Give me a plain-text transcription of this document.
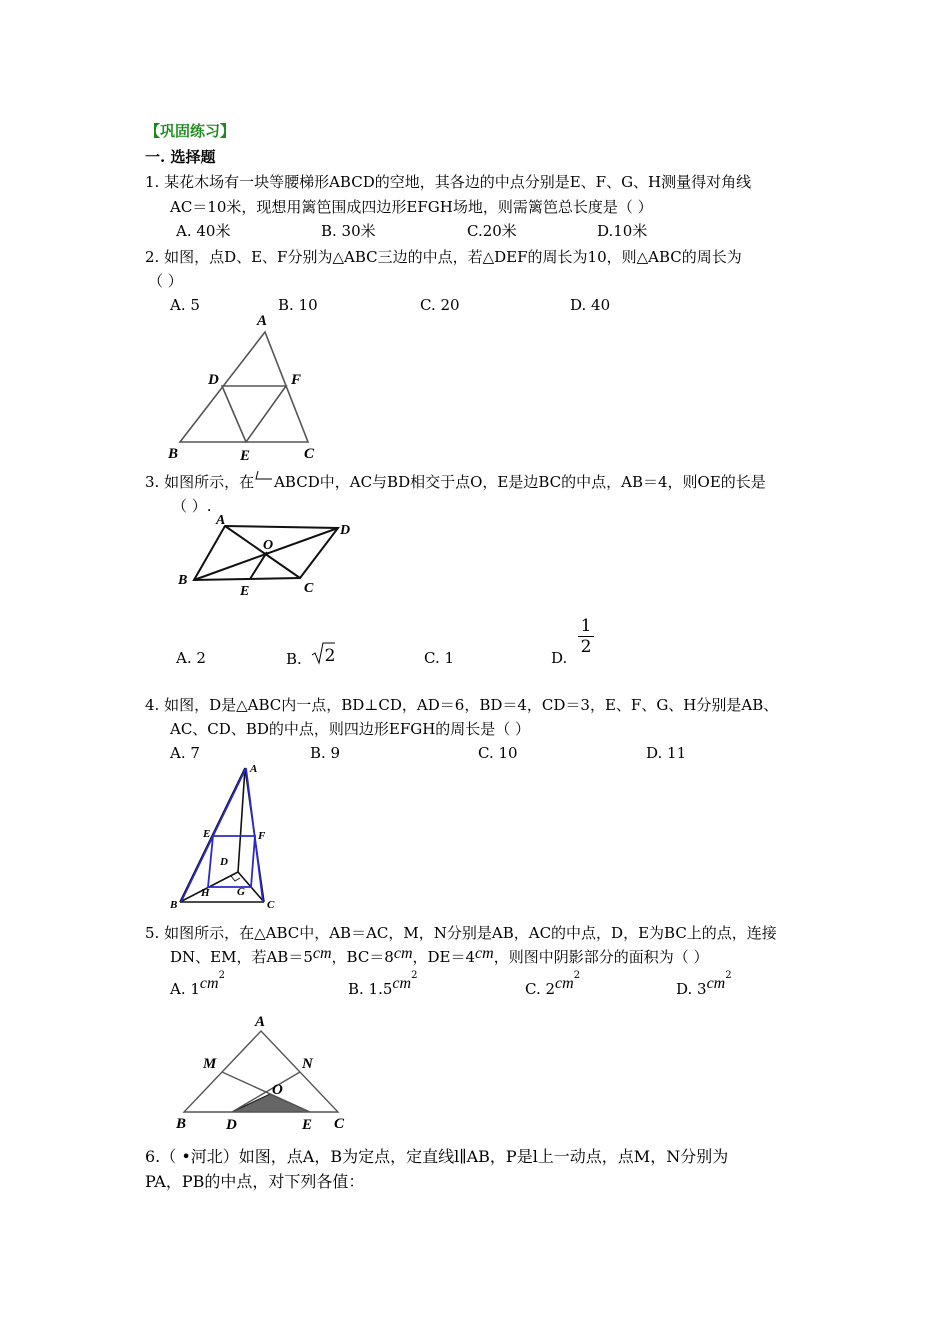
【巩固练习】
一. 选择题
1. 某花木场有一块等腰梯形ABCD的空地，其各边的中点分别是E、F、G、H测量得对角线
AC＝10米，现想用篱笆围成四边形EFGH场地，则需篱笆总长度是（ ）
A. 40米	B. 30米	C.20米	D.10米
2. 如图，点D、E、F分别为△ABC三边的中点，若△DEF的周长为10，则△ABC的周长为
（ ）
A. 5	B. 10	C. 20	D. 40
A
D	F
B	E	C
3. 如图所示，在 ABCD中，AC与BD相交于点O，E是边BC的中点，AB＝4，则OE的长是
（ ）.
A
D
O
B
E	C
A. 2	B. 2	C. 1	D.
1
2
4. 如图，D是△ABC内一点，BD⊥CD，AD＝6，BD＝4，CD＝3，E、F、G、H分别是AB、
AC、CD、BD的中点，则四边形EFGH的周长是（ ）
A. 7	B. 9	C. 10	D. 11
A
E	F
D
H G
B	C
5. 如图所示，在△ABC中，AB＝AC，M，N分别是AB，AC的中点，D，E为BC上的点，连接
DN、EM，若AB＝5cm，BC＝8cm，DE＝4cm，则图中阴影部分的面积为（ ）
A. $1cm^2$
B. $1.5cm^2$
C. $2cm^2$
D. $3cm^2$
A
M	N
O
B	D	E C
6.（ •河北）如图，点A，B为定点，定直线l∥AB，P是l上一动点，点M，N分别为
PA，PB的中点，对下列各值：
